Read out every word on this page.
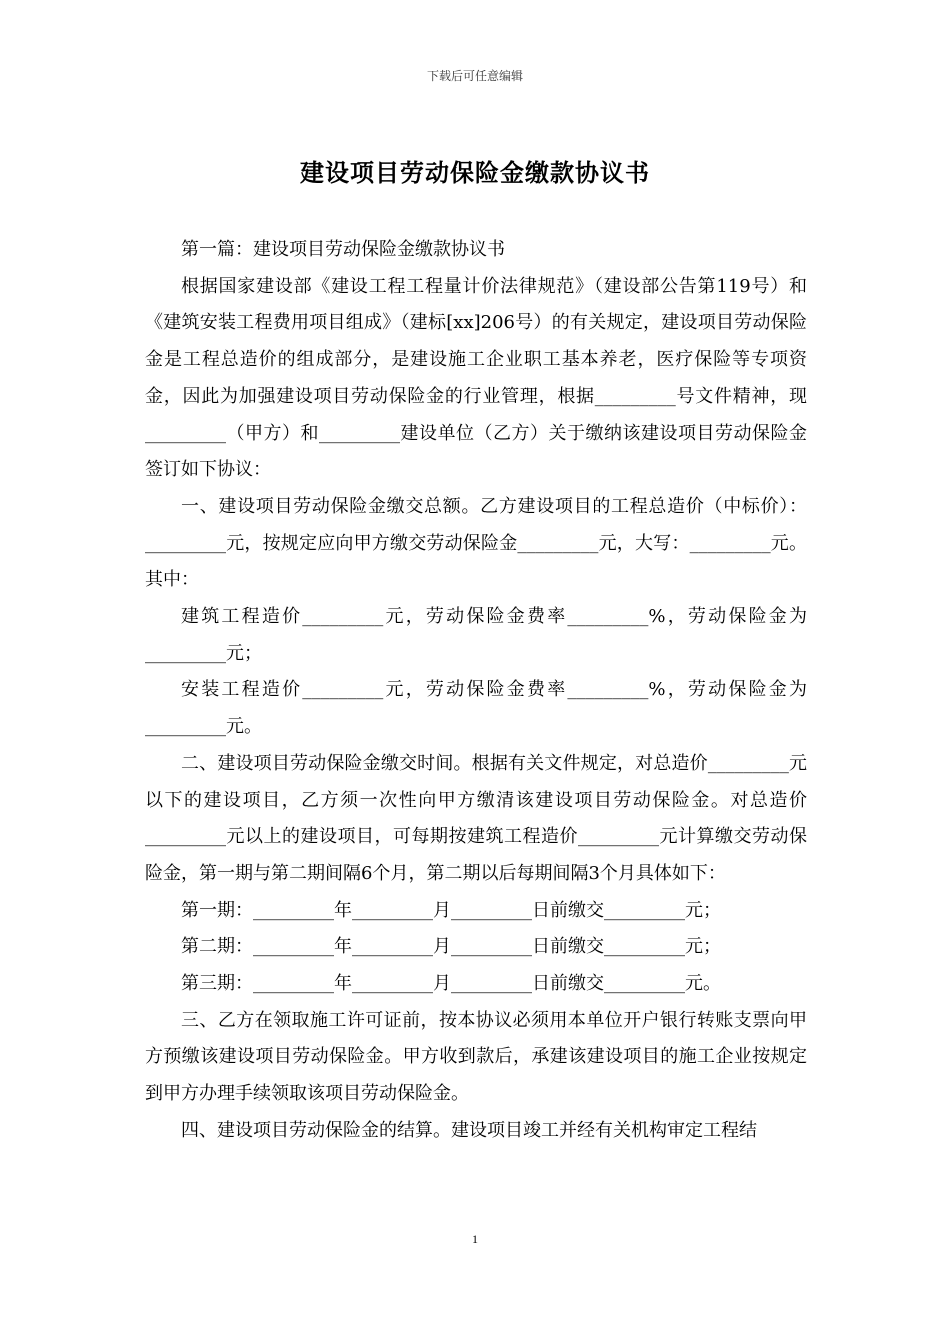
下载后可任意编辑
建设项目劳动保险金缴款协议书

第一篇：建设项目劳动保险金缴款协议书

根据国家建设部《建设工程工程量计价法律规范》（建设部公告第119号）和《建筑安装工程费用项目组成》（建标[xx]206号）的有关规定，建设项目劳动保险金是工程总造价的组成部分，是建设施工企业职工基本养老，医疗保险等专项资金，因此为加强建设项目劳动保险金的行业管理，根据_________号文件精神，现_________（甲方）和_________建设单位（乙方）关于缴纳该建设项目劳动保险金签订如下协议：

一、建设项目劳动保险金缴交总额。乙方建设项目的工程总造价（中标价）：_________元，按规定应向甲方缴交劳动保险金_________元，大写：_________元。其中：

建筑工程造价_________元，劳动保险金费率_________%，劳动保险金为_________元；

安装工程造价_________元，劳动保险金费率_________%，劳动保险金为_________元。

二、建设项目劳动保险金缴交时间。根据有关文件规定，对总造价_________元以下的建设项目，乙方须一次性向甲方缴清该建设项目劳动保险金。对总造价_________元以上的建设项目，可每期按建筑工程造价_________元计算缴交劳动保险金，第一期与第二期间隔6个月，第二期以后每期间隔3个月具体如下：

第一期：_________年_________月_________日前缴交_________元；

第二期：_________年_________月_________日前缴交_________元；

第三期：_________年_________月_________日前缴交_________元。

三、乙方在领取施工许可证前，按本协议必须用本单位开户银行转账支票向甲方预缴该建设项目劳动保险金。甲方收到款后，承建该建设项目的施工企业按规定到甲方办理手续领取该项目劳动保险金。

四、建设项目劳动保险金的结算。建设项目竣工并经有关机构审定工程结

1
